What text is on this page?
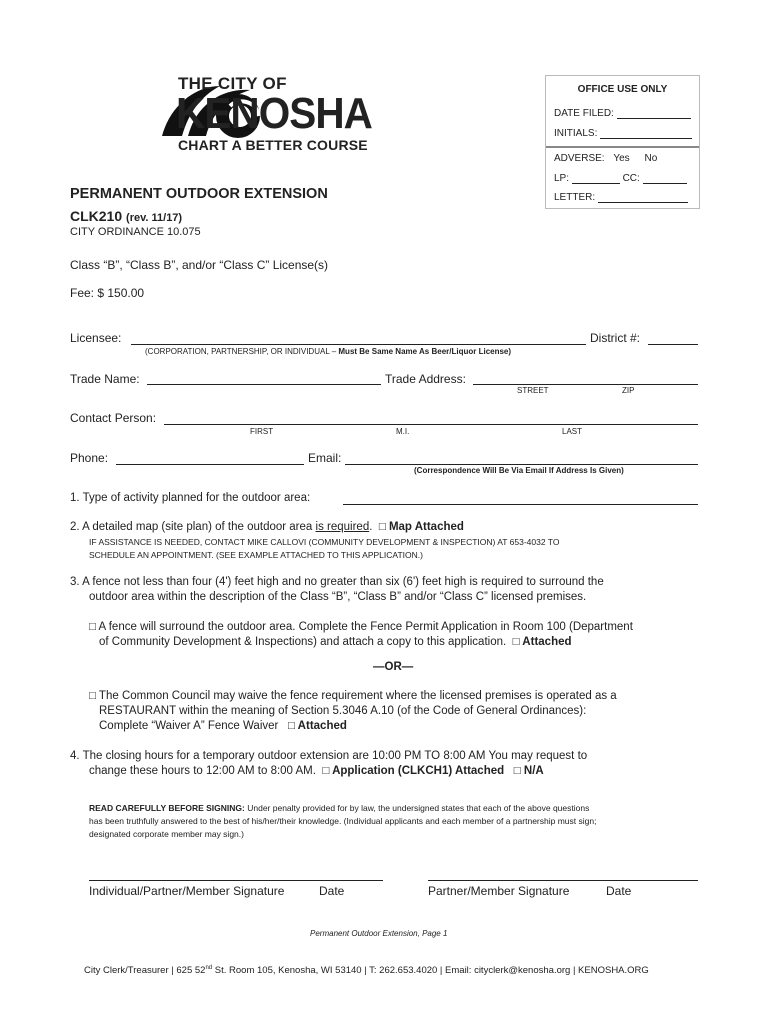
THE CITY OF
KENOSHA
CHART A BETTER COURSE
OFFICE USE ONLY
DATE FILED:
INITIALS:
ADVERSE: Yes No
LP:	CC:
LETTER:
PERMANENT OUTDOOR EXTENSION
CLK210 (rev. 11/17)
CITY ORDINANCE 10.075
Class “B”, “Class B”, and/or “Class C” License(s)
Fee: $ 150.00
Licensee:	District #:
(CORPORATION, PARTNERSHIP, OR INDIVIDUAL – Must Be Same Name As Beer/Liquor License)
Trade Name:	Trade Address:
STREET	ZIP
Contact Person:
FIRST	M.I.	LAST
Phone:	Email:
(Correspondence Will Be Via Email If Address Is Given)
1. Type of activity planned for the outdoor area:
2. A detailed map (site plan) of the outdoor area is required. □ Map Attached
IF ASSISTANCE IS NEEDED, CONTACT MIKE CALLOVI (COMMUNITY DEVELOPMENT & INSPECTION) AT 653-4032 TO
SCHEDULE AN APPOINTMENT. (SEE EXAMPLE ATTACHED TO THIS APPLICATION.)
3. A fence not less than four (4') feet high and no greater than six (6') feet high is required to surround the
outdoor area within the description of the Class “B”, “Class B” and/or “Class C” licensed premises.
□ A fence will surround the outdoor area. Complete the Fence Permit Application in Room 100 (Department
of Community Development & Inspections) and attach a copy to this application. □ Attached
—OR—
□ The Common Council may waive the fence requirement where the licensed premises is operated as a
RESTAURANT within the meaning of Section 5.3046 A.10 (of the Code of General Ordinances):
Complete “Waiver A” Fence Waiver □ Attached
4. The closing hours for a temporary outdoor extension are 10:00 PM TO 8:00 AM You may request to
change these hours to 12:00 AM to 8:00 AM. □ Application (CLKCH1) Attached □ N/A
READ CAREFULLY BEFORE SIGNING: Under penalty provided for by law, the undersigned states that each of the above questions
has been truthfully answered to the best of his/her/their knowledge. (Individual applicants and each member of a partnership must sign;
designated corporate member may sign.)
Individual/Partner/Member Signature	Date	Partner/Member Signature	Date
Permanent Outdoor Extension, Page 1
City Clerk/Treasurer | 625 52nd St. Room 105, Kenosha, WI 53140 | T: 262.653.4020 | Email: cityclerk@kenosha.org | KENOSHA.ORG
